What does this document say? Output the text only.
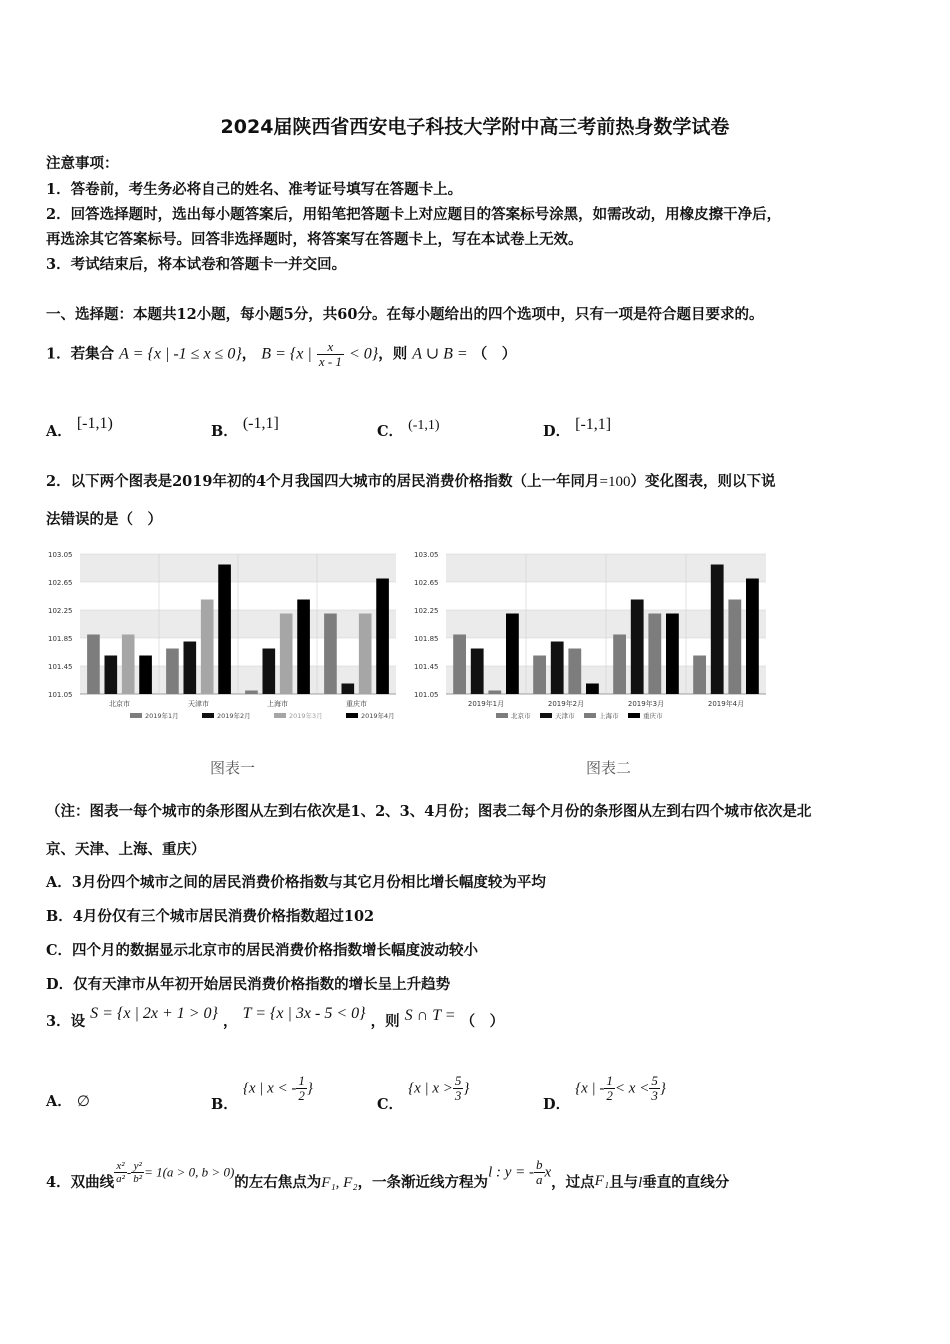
2024届陕西省西安电子科技大学附中高三考前热身数学试卷
注意事项：
1．答卷前，考生务必将自己的姓名、准考证号填写在答题卡上。
2．回答选择题时，选出每小题答案后，用铅笔把答题卡上对应题目的答案标号涂黑，如需改动，用橡皮擦干净后，
再选涂其它答案标号。回答非选择题时，将答案写在答题卡上，写在本试卷上无效。
3．考试结束后，将本试卷和答题卡一并交回。
一、选择题：本题共12小题，每小题5分，共60分。在每小题给出的四个选项中，只有一项是符合题目要求的。
1．若集合 A = {x | -1 ≤ x ≤ 0}， B = {x | $\frac{x}{x - 1} < 0$}，则 A ∪ B = （　）
A． [-1,1)	B． (-1,1]	C． (-1,1)	D． [-1,1]
2．以下两个图表是2019年初的4个月我国四大城市的居民消费价格指数（上一年同月=100）变化图表，则以下说
法错误的是（　）
103.05
102.65
102.25
101.85
101.45
101.05
北京市	天津市	上海市	重庆市
2019年1月	2019年2月	2019年3月	2019年4月
103.05
102.65
102.25
101.85
101.45
101.05
2019年1月	2019年2月	2019年3月	2019年4月
北京市	天津市	上海市	重庆市
图表一	图表二
（注：图表一每个城市的条形图从左到右依次是1、2、3、4月份；图表二每个月份的条形图从左到右四个城市依次是北
京、天津、上海、重庆）
A．3月份四个城市之间的居民消费价格指数与其它月份相比增长幅度较为平均
B．4月份仅有三个城市居民消费价格指数超过102
C．四个月的数据显示北京市的居民消费价格指数增长幅度波动较小
D．仅有天津市从年初开始居民消费价格指数的增长呈上升趋势
3．设 S = {x | 2x + 1 > 0} ， T = {x | 3x - 5 < 0} ，则 S ∩ T = （　）
A． ∅	B． {x | x < - $\frac{1}{2}$ }
C． {x | $x > \frac{5}{3}$ }
D． {x | - $\frac{1}{2} < x < \frac{5}{3}$ }
4．双曲线 $\frac{\text{x²}}{\text{a²}} - \frac{\text{y²}}{\text{b²}} = 1(a > 0$, b > 0)的左右焦点为F₁, F₂，一条渐近线方程为l : y = - $\frac{b}{a}$ x，过点F₁且与l垂直的直线分
